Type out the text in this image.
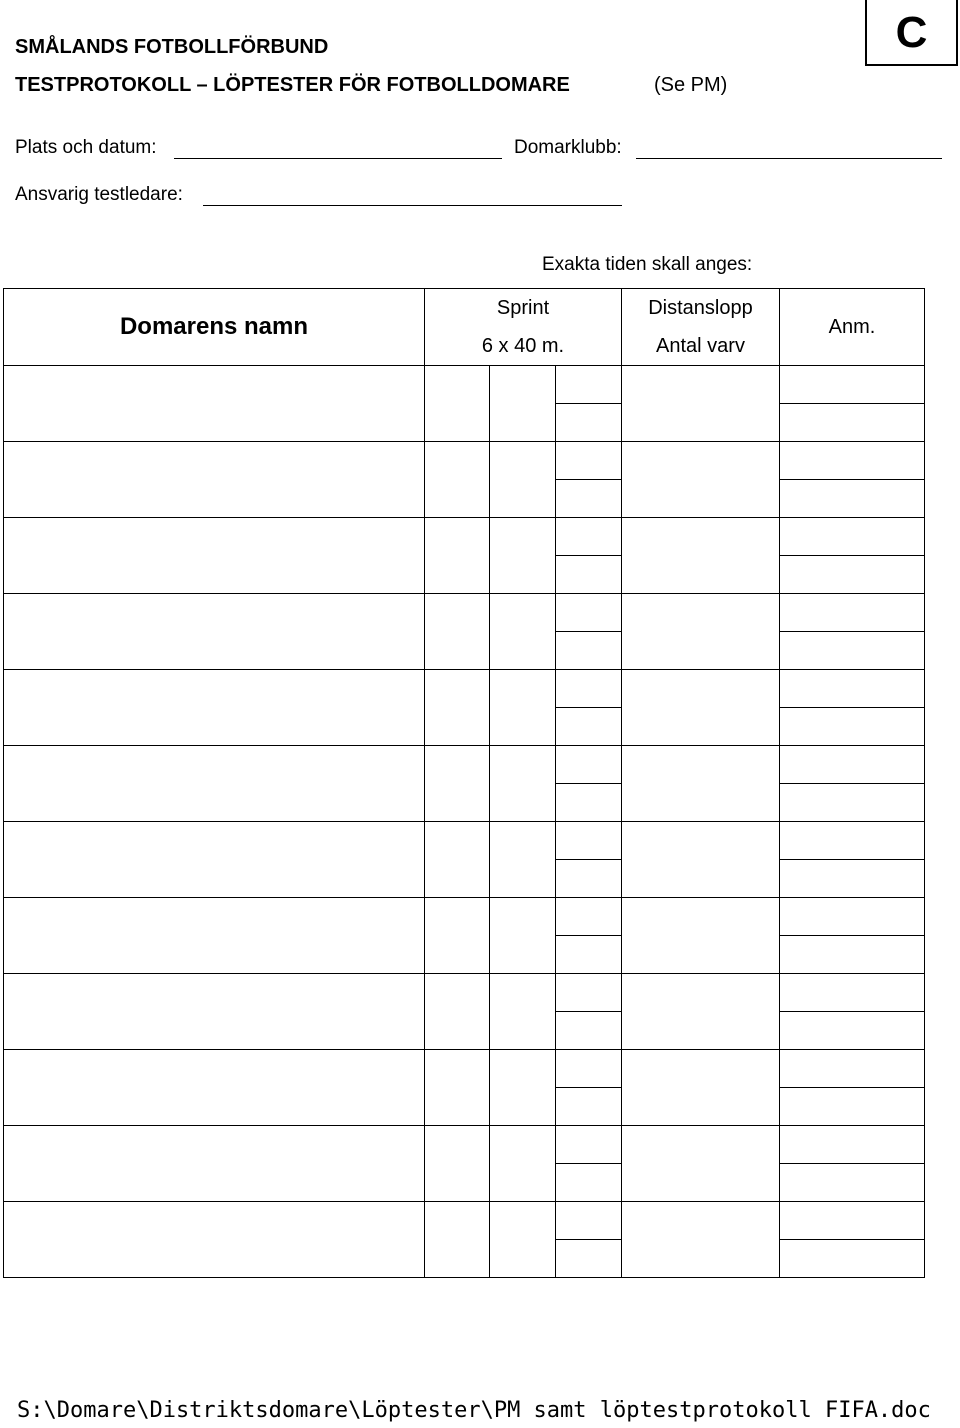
SMÅLANDS FOTBOLLFÖRBUND
TESTPROTOKOLL – LÖPTESTER FÖR FOTBOLLDOMARE	(Se PM)
C
Plats och datum:	Domarklubb:
Ansvarig testledare:
Exakta tiden skall anges:
Domarens namn	Sprint			Distanslopp	Anm.

	6 x 40 m.			Antal varv	

S:\Domare\Distriktsdomare\Löptester\PM samt löptestprotokoll FIFA.doc
